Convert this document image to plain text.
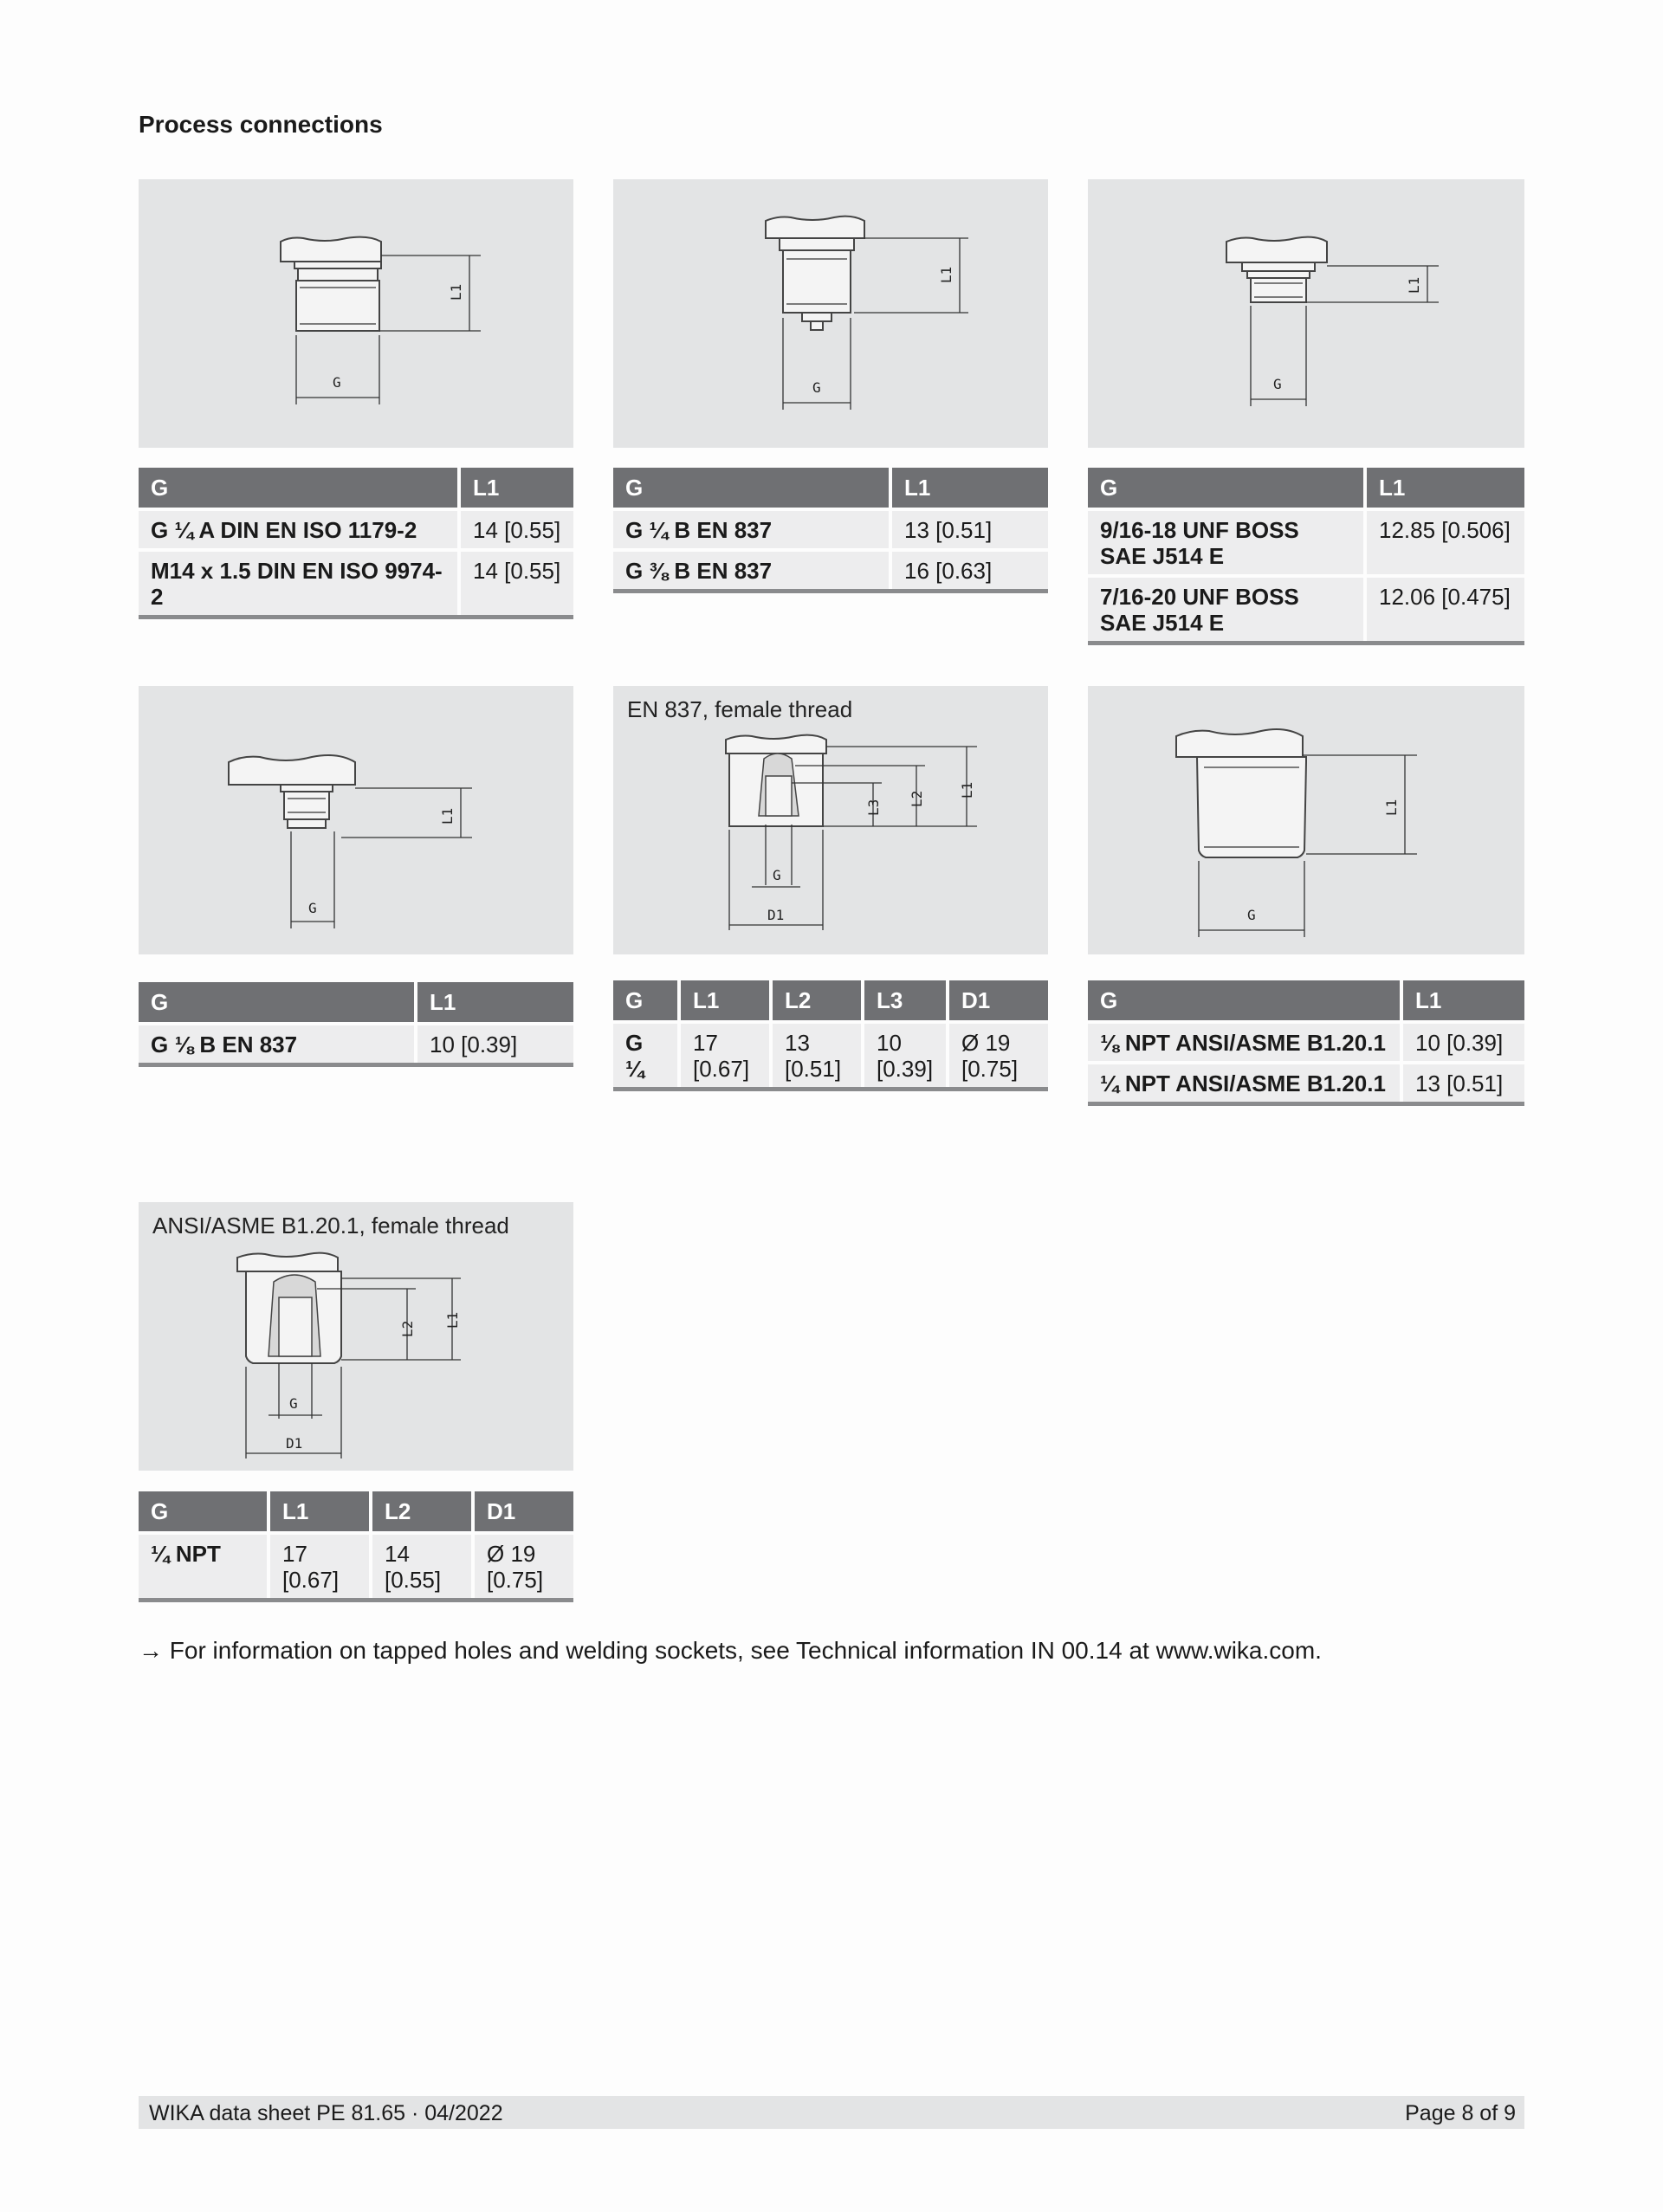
Process connections
L1
G
L1
G
L1
G
G	L1
G ¼ A DIN EN ISO 1179-2	14 [0.55]
M14 x 1.5 DIN EN ISO 9974-2	14 [0.55]
G	L1
G ¼ B EN 837	13 [0.51]
G ⅜ B EN 837	16 [0.63]
G	L1
9/16-18 UNF BOSS SAE J514 E	12.85 [0.506]
7/16-20 UNF BOSS SAE J514 E	12.06 [0.475]
L1
G
EN 837, female thread
L3
L2
L1
G
D1
L1
G
G	L1
G ⅛ B EN 837	10 [0.39]
G	L1	L2	L3	D1
G ¼	17 [0.67]	13 [0.51]	10 [0.39]	Ø 19 [0.75]
G	L1
⅛ NPT ANSI/ASME B1.20.1	10 [0.39]
¼ NPT ANSI/ASME B1.20.1	13 [0.51]
ANSI/ASME B1.20.1, female thread
L2
L1
G
D1
G	L1	L2	D1
¼ NPT	17 [0.67]	14 [0.55]	Ø 19 [0.75]
→ For information on tapped holes and welding sockets, see Technical information IN 00.14 at www.wika.com.
WIKA data sheet PE 81.65 · 04/2022	Page 8 of 9
